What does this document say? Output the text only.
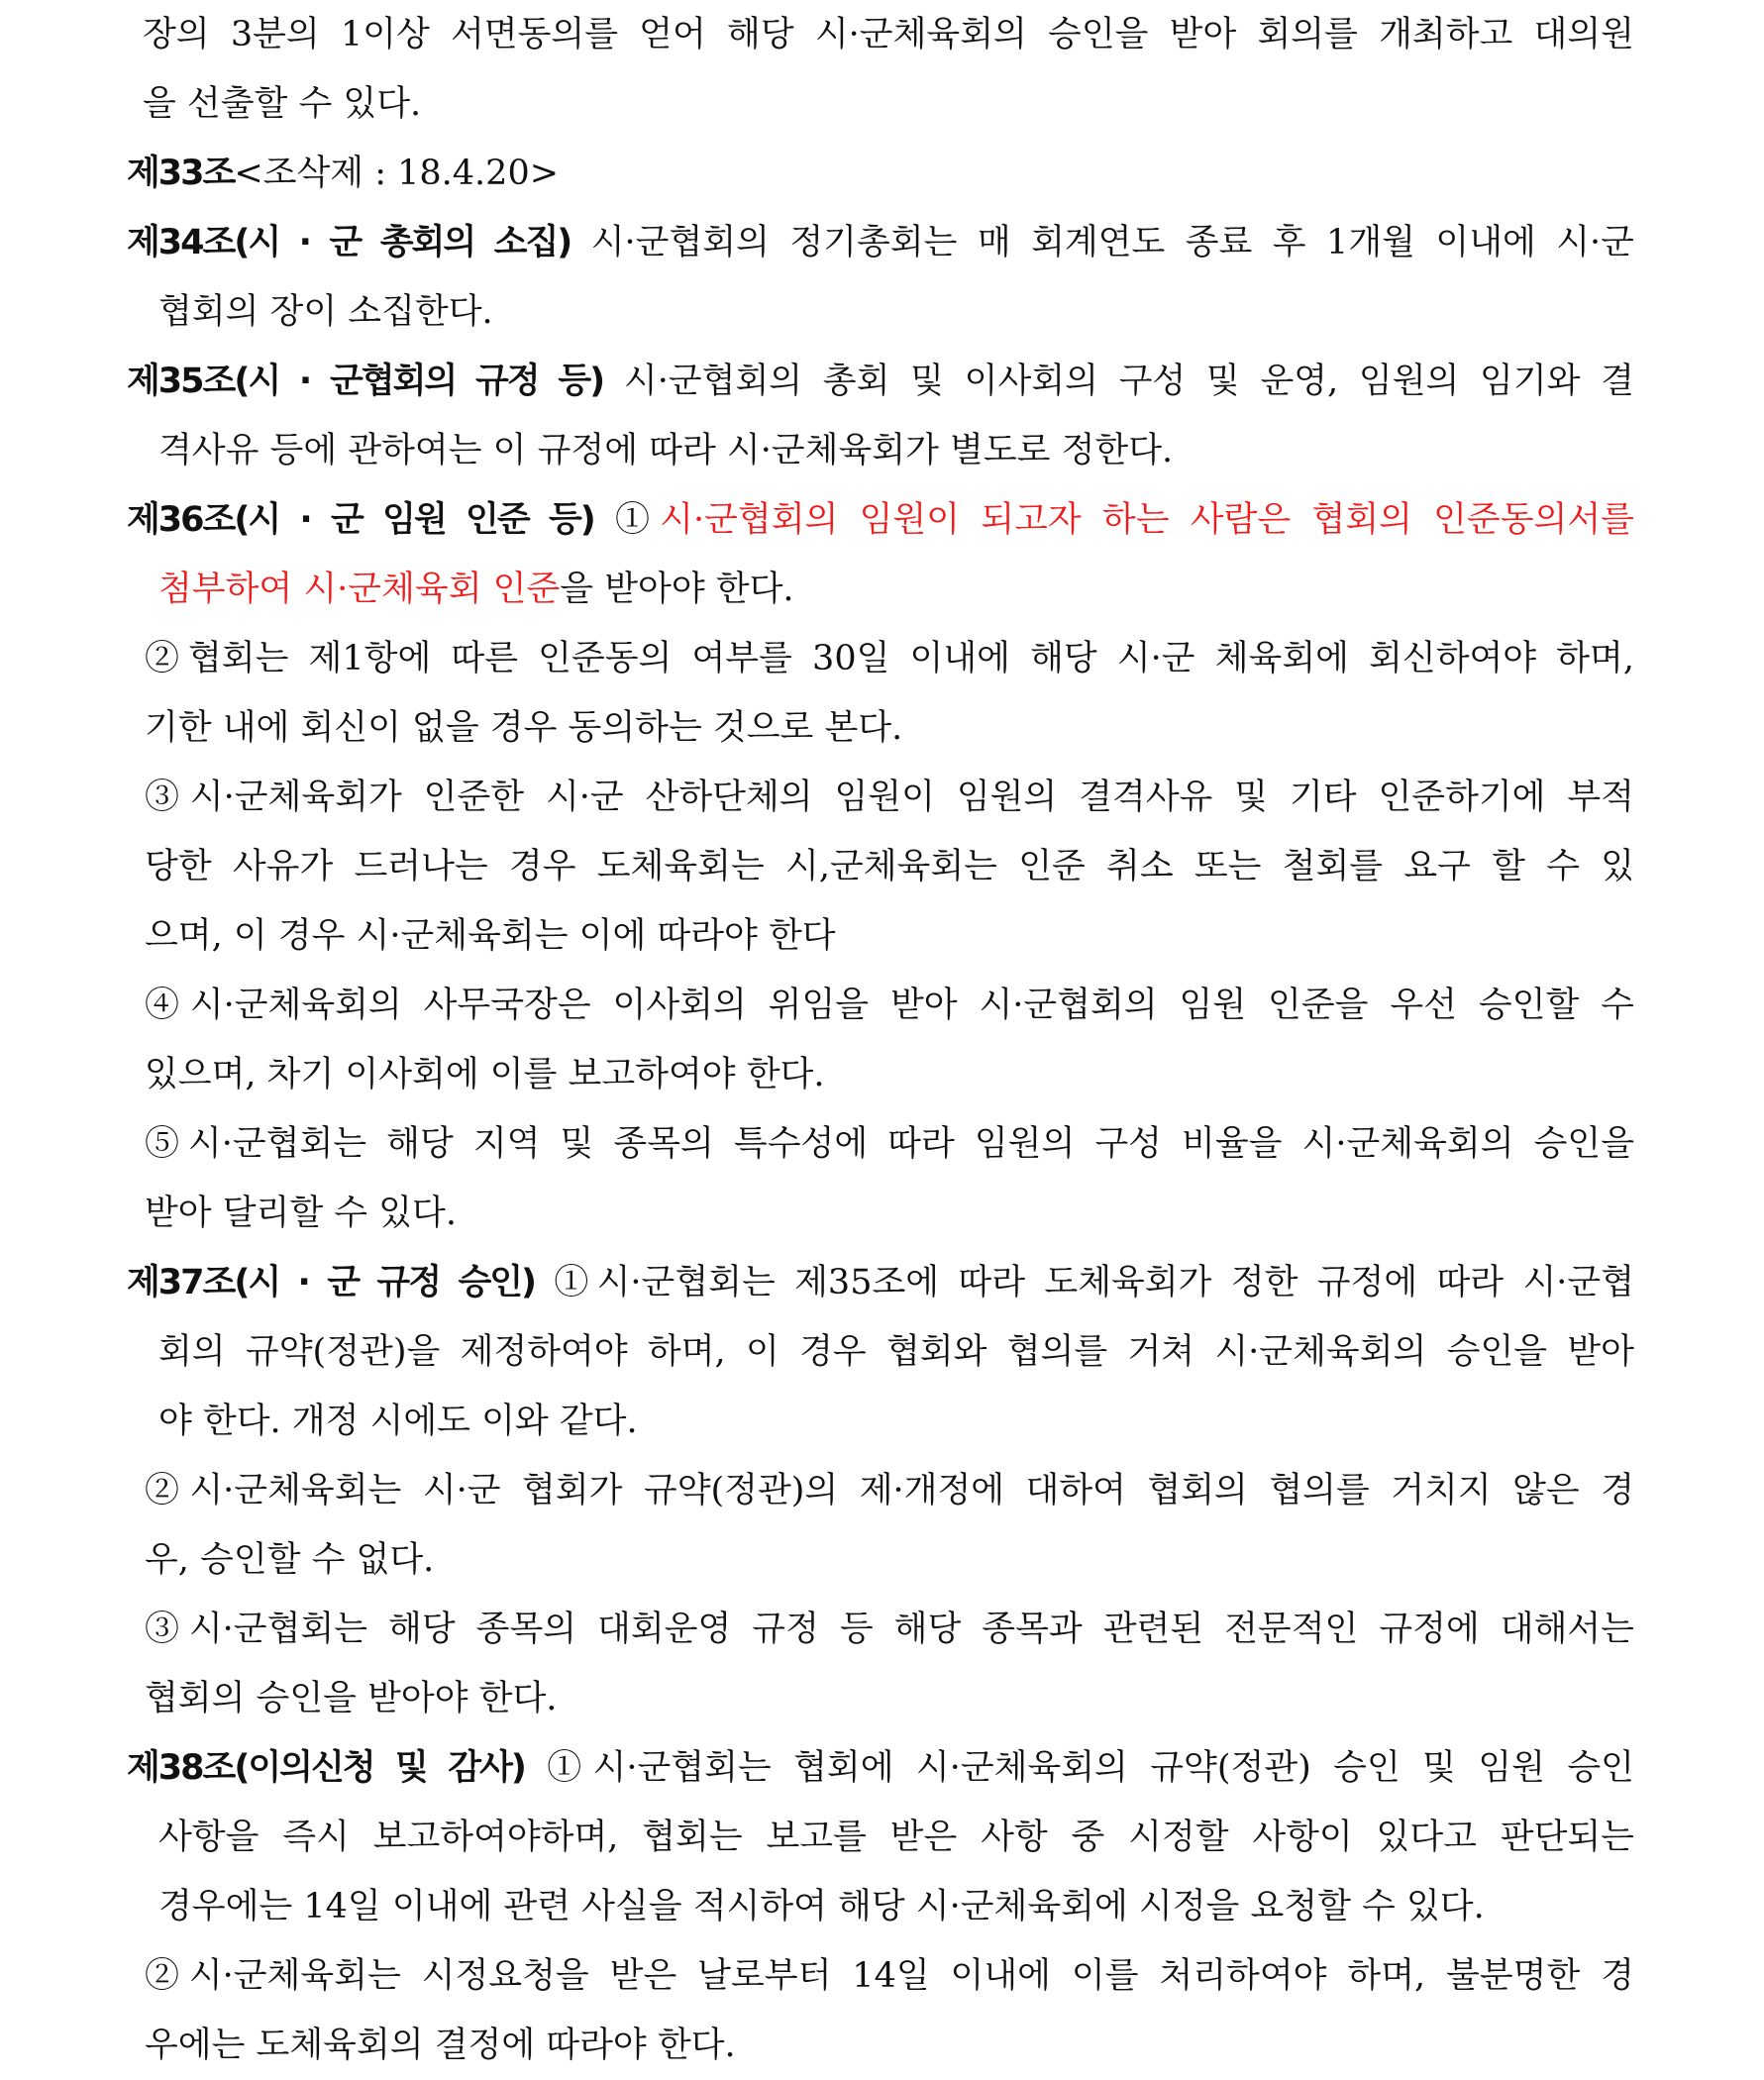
장의 3분의 1이상 서면동의를 얻어 해당 시·군체육회의 승인을 받아 회의를 개최하고 대의원
을 선출할 수 있다.
제33조<조삭제 : 18.4.20>
제34조(시 · 군 총회의 소집) 시·군협회의 정기총회는 매 회계연도 종료 후 1개월 이내에 시·군
협회의 장이 소집한다.
제35조(시 · 군협회의 규정 등) 시·군협회의 총회 및 이사회의 구성 및 운영, 임원의 임기와 결
격사유 등에 관하여는 이 규정에 따라 시·군체육회가 별도로 정한다.
제36조(시 · 군 임원 인준 등) ①시·군협회의 임원이 되고자 하는 사람은 협회의 인준동의서를
첨부하여 시·군체육회 인준을 받아야 한다.
②협회는 제1항에 따른 인준동의 여부를 30일 이내에 해당 시·군 체육회에 회신하여야 하며,
기한 내에 회신이 없을 경우 동의하는 것으로 본다.
③시·군체육회가 인준한 시·군 산하단체의 임원이 임원의 결격사유 및 기타 인준하기에 부적
당한 사유가 드러나는 경우 도체육회는 시,군체육회는 인준 취소 또는 철회를 요구 할 수 있
으며, 이 경우 시·군체육회는 이에 따라야 한다
④시·군체육회의 사무국장은 이사회의 위임을 받아 시·군협회의 임원 인준을 우선 승인할 수
있으며, 차기 이사회에 이를 보고하여야 한다.
⑤시·군협회는 해당 지역 및 종목의 특수성에 따라 임원의 구성 비율을 시·군체육회의 승인을
받아 달리할 수 있다.
제37조(시 · 군 규정 승인) ①시·군협회는 제35조에 따라 도체육회가 정한 규정에 따라 시·군협
회의 규약(정관)을 제정하여야 하며, 이 경우 협회와 협의를 거쳐 시·군체육회의 승인을 받아
야 한다. 개정 시에도 이와 같다.
②시·군체육회는 시·군 협회가 규약(정관)의 제·개정에 대하여 협회의 협의를 거치지 않은 경
우, 승인할 수 없다.
③시·군협회는 해당 종목의 대회운영 규정 등 해당 종목과 관련된 전문적인 규정에 대해서는
협회의 승인을 받아야 한다.
제38조(이의신청 및 감사) ①시·군협회는 협회에 시·군체육회의 규약(정관) 승인 및 임원 승인
사항을 즉시 보고하여야하며, 협회는 보고를 받은 사항 중 시정할 사항이 있다고 판단되는
경우에는 14일 이내에 관련 사실을 적시하여 해당 시·군체육회에 시정을 요청할 수 있다.
②시·군체육회는 시정요청을 받은 날로부터 14일 이내에 이를 처리하여야 하며, 불분명한 경
우에는 도체육회의 결정에 따라야 한다.
